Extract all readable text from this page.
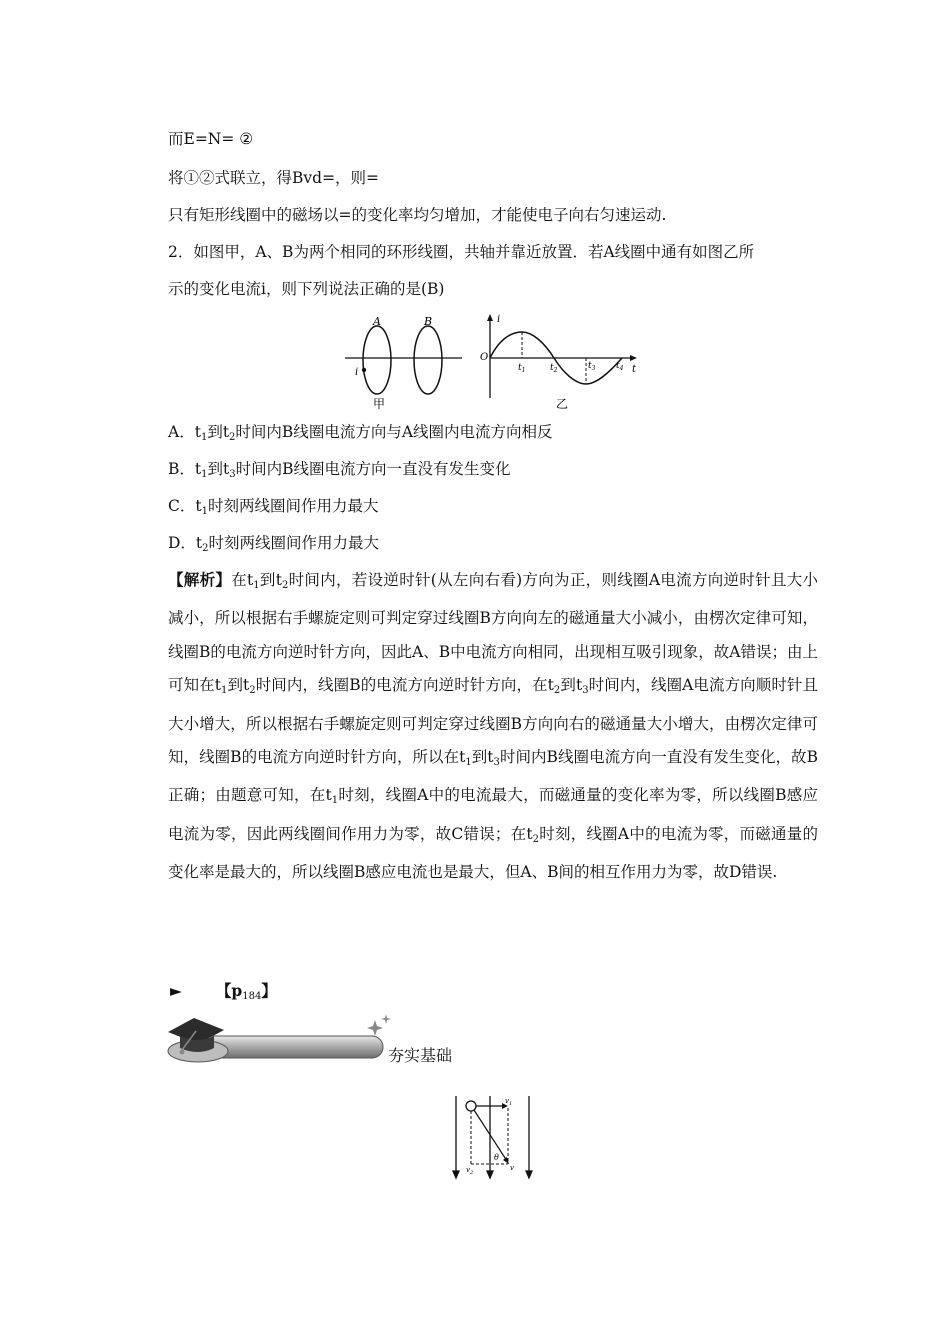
而E=N= ②
将①②式联立，得Bvd=，则=
只有矩形线圈中的磁场以=的变化率均匀增加，才能使电子向右匀速运动.
2．如图甲，A、B为两个相同的环形线圈，共轴并靠近放置．若A线圈中通有如图乙所
示的变化电流i，则下列说法正确的是(B)
A	B
i
甲
i
O
t
$t_1$	$t_2$	$t_3$ $t_4$
乙
A．$t_1$到$t_2$时间内B线圈电流方向与A线圈内电流方向相反
B．$t_1$到$t_3$时间内B线圈电流方向一直没有发生变化
C．$t_1$时刻两线圈间作用力最大
D．$t_2$时刻两线圈间作用力最大
【解析】在$t_1$到$t_2$时间内，若设逆时针(从左向右看)方向为正，则线圈A电流方向逆时针且大小减小，所以根据右手螺旋定则可判定穿过线圈B方向向左的磁通量大小减小，由楞次定律可知，线圈B的电流方向逆时针方向，因此A、B中电流方向相同，出现相互吸引现象，故A错误；由上可知在$t_1$到$t_2$时间内，线圈B的电流方向逆时针方向，在$t_2$到$t_3$时间内，线圈A电流方向顺时针且大小增大，所以根据右手螺旋定则可判定穿过线圈B方向向右的磁通量大小增大，由楞次定律可知，线圈B的电流方向逆时针方向，所以在$t_1$到$t_3$时间内B线圈电流方向一直没有发生变化，故B正确；由题意可知，在$t_1$时刻，线圈A中的电流最大，而磁通量的变化率为零，所以线圈B感应电流为零，因此两线圈间作用力为零，故C错误；在$t_2$时刻，线圈A中的电流为零，而磁通量的变化率是最大的，所以线圈B感应电流也是最大，但A、B间的相互作用力为零，故D错误.
► 【$p_{184}$】
夯实基础
$v_1$
$v_2$
v
θ
